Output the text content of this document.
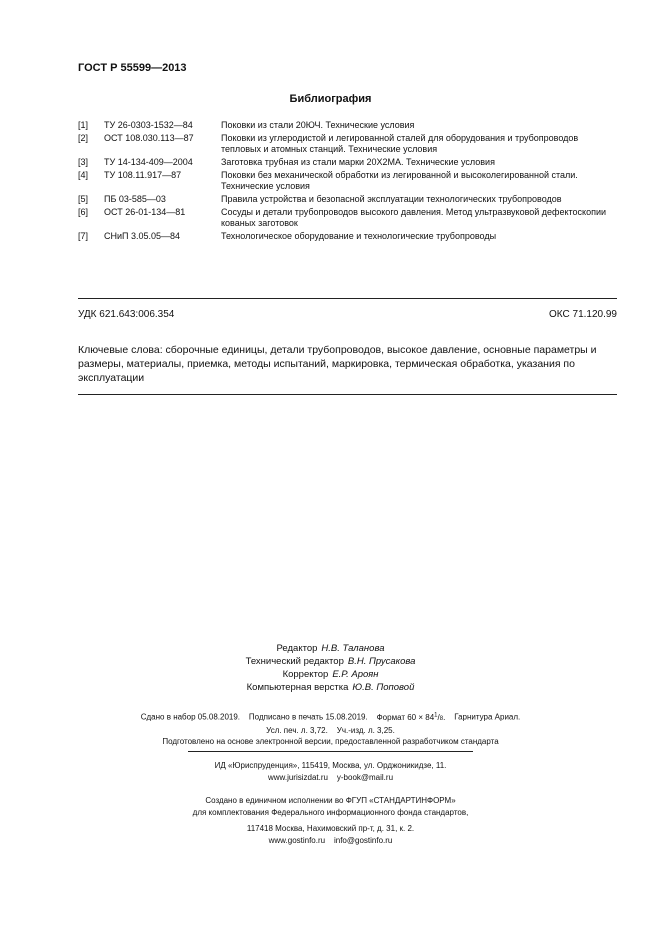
ГОСТ Р 55599—2013
Библиография
[1]	ТУ 26-0303-1532—84	Поковки из стали 20ЮЧ. Технические условия
[2]	ОСТ 108.030.113—87	Поковки из углеродистой и легированной сталей для оборудования и трубопроводов тепловых и атомных станций. Технические условия
[3]	ТУ 14-134-409—2004	Заготовка трубная из стали марки 20Х2МА. Технические условия
[4]	ТУ 108.11.917—87	Поковки без механической обработки из легированной и высоколегированной стали. Технические условия
[5]	ПБ 03-585—03	Правила устройства и безопасной эксплуатации технологических трубопроводов
[6]	ОСТ 26-01-134—81	Сосуды и детали трубопроводов высокого давления. Метод ультразвуковой дефектоскопии кованых заготовок
[7]	СНиП 3.05.05—84	Технологическое оборудование и технологические трубопроводы
УДК 621.643:006.354	ОКС 71.120.99
Ключевые слова: сборочные единицы, детали трубопроводов, высокое давление, основные параметры и размеры, материалы, приемка, методы испытаний, маркировка, термическая обработка, указания по эксплуатации
Редактор Н.В. Таланова
Технический редактор В.Н. Прусакова
Корректор Е.Р. Ароян
Компьютерная верстка Ю.В. Поповой
Сдано в набор 05.08.2019. Подписано в печать 15.08.2019. Формат $60 \times 84^1/8$. Гарнитура Ариал.
Усл. печ. л. 3,72. Уч.-изд. л. 3,25.
Подготовлено на основе электронной версии, предоставленной разработчиком стандарта
ИД «Юриспруденция», 115419, Москва, ул. Орджоникидзе, 11.
www.jurisizdat.ru y-book@mail.ru
Создано в единичном исполнении во ФГУП «СТАНДАРТИНФОРМ»
для комплектования Федерального информационного фонда стандартов,
117418 Москва, Нахимовский пр-т, д. 31, к. 2.
www.gostinfo.ru info@gostinfo.ru
